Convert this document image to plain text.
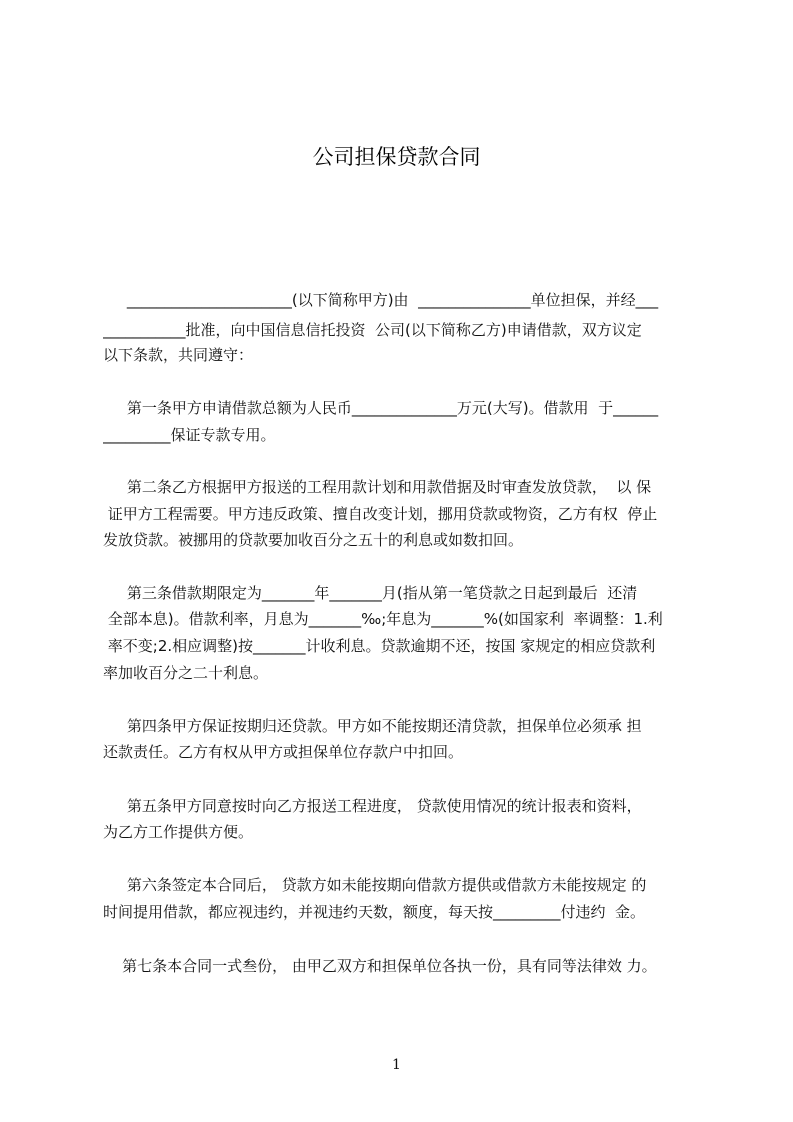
公司担保贷款合同
______________________(以下简称甲方)由  _______________单位担保，并经___
___________批准，向中国信息信托投资  公司(以下简称乙方)申请借款，双方议定
以下条款，共同遵守：
第一条甲方申请借款总额为人民币______________万元(大写)。借款用  于______
_________保证专款专用。
第二条乙方根据甲方报送的工程用款计划和用款借据及时审查发放贷款，  以 保
证甲方工程需要。甲方违反政策、擅自改变计划，挪用贷款或物资，乙方有权  停止
发放贷款。被挪用的贷款要加收百分之五十的利息或如数扣回。
第三条借款期限定为_______年_______月(指从第一笔贷款之日起到最后  还清
全部本息)。借款利率，月息为_______‰;年息为_______%(如国家利  率调整：1.利
率不变;2.相应调整)按_______计收利息。贷款逾期不还，按国 家规定的相应贷款利
率加收百分之二十利息。
第四条甲方保证按期归还贷款。甲方如不能按期还清贷款，担保单位必须承 担
还款责任。乙方有权从甲方或担保单位存款户中扣回。
第五条甲方同意按时向乙方报送工程进度， 贷款使用情况的统计报表和资料，
为乙方工作提供方便。
第六条签定本合同后， 贷款方如未能按期向借款方提供或借款方未能按规定 的
时间提用借款，都应视违约，并视违约天数，额度，每天按_________付违约  金。
第七条本合同一式叁份， 由甲乙双方和担保单位各执一份，具有同等法律效 力。
1
